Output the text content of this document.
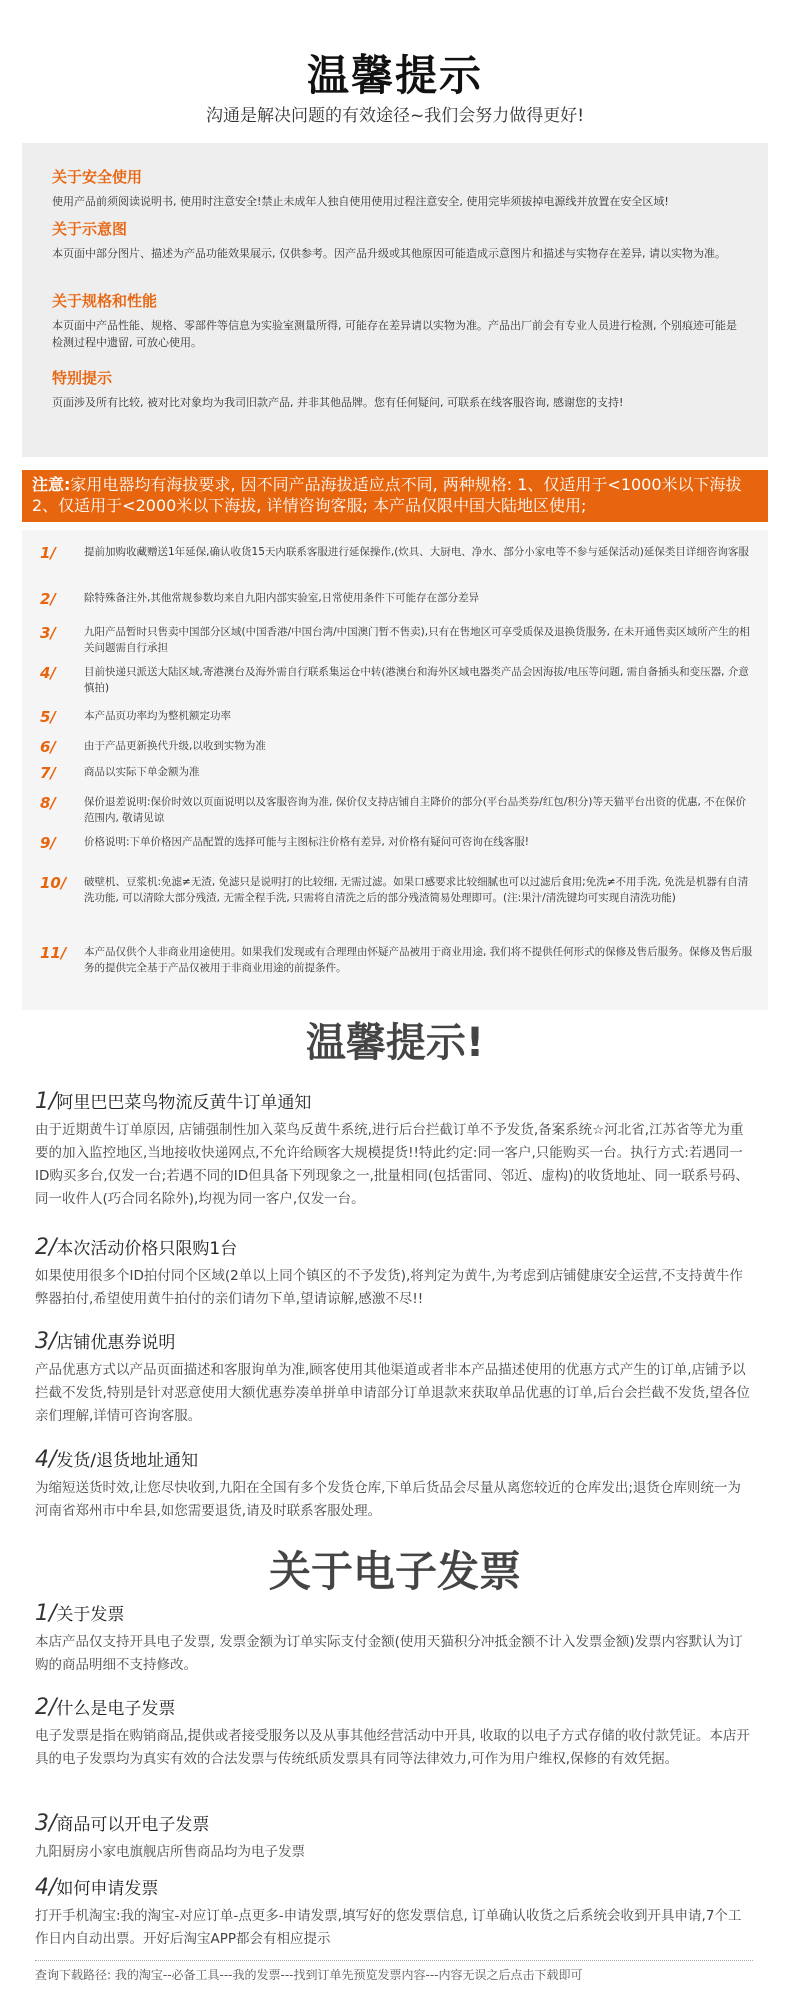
温馨提示
沟通是解决问题的有效途径~我们会努力做得更好!
关于安全使用
使用产品前须阅读说明书, 使用时注意安全!禁止未成年人独自使用使用过程注意安全, 使用完毕须拔掉电源线并放置在安全区域!
关于示意图
本页面中部分图片、描述为产品功能效果展示, 仅供参考。因产品升级或其他原因可能造成示意图片和描述与实物存在差异, 请以实物为准。
关于规格和性能
本页面中产品性能、规格、零部件等信息为实验室测量所得, 可能存在差异请以实物为准。产品出厂前会有专业人员进行检测, 个别痕迹可能是检测过程中遗留, 可放心使用。
特别提示
页面涉及所有比较, 被对比对象均为我司旧款产品, 并非其他品牌。您有任何疑问, 可联系在线客服咨询, 感谢您的支持!
注意:家用电器均有海拔要求, 因不同产品海拔适应点不同, 两种规格: 1、仅适用于<1000米以下海拔2、仅适用于<2000米以下海拔, 详情咨询客服; 本产品仅限中国大陆地区使用;
1/	提前加购收藏赠送1年延保,确认收货15天内联系客服进行延保操作,(炊具、大厨电、净水、部分小家电等不参与延保活动)延保类目详细咨询客服
2/	除特殊备注外,其他常规参数均来自九阳内部实验室,日常使用条件下可能存在部分差异
3/	九阳产品暂时只售卖中国部分区域(中国香港/中国台湾/中国澳门暂不售卖),只有在售地区可享受质保及退换货服务, 在未开通售卖区域所产生的相关问题需自行承担
4/	目前快递只派送大陆区域,寄港澳台及海外需自行联系集运仓中转(港澳台和海外区域电器类产品会因海拔/电压等问题, 需自备插头和变压器, 介意慎拍)
5/	本产品页功率均为整机额定功率
6/	由于产品更新换代升级,以收到实物为准
7/	商品以实际下单金额为准
8/	保价退差说明:保价时效以页面说明以及客服咨询为准, 保价仅支持店铺自主降价的部分(平台品类券/红包/积分)等天猫平台出资的优惠, 不在保价范围内, 敬请见谅
9/	价格说明:下单价格因产品配置的选择可能与主图标注价格有差异, 对价格有疑问可咨询在线客服!
10/	破壁机、豆浆机:免滤≠无渣, 免滤只是说明打的比较细, 无需过滤。如果口感要求比较细腻也可以过滤后食用;免洗≠不用手洗, 免洗是机器有自清洗功能, 可以清除大部分残渣, 无需全程手洗, 只需将自清洗之后的部分残渣简易处理即可。(注:果汁/清洗键均可实现自清洗功能)
11/	本产品仅供个人非商业用途使用。如果我们发现或有合理理由怀疑产品被用于商业用途, 我们将不提供任何形式的保修及售后服务。保修及售后服务的提供完全基于产品仅被用于非商业用途的前提条件。
温馨提示!
1/阿里巴巴菜鸟物流反黄牛订单通知
由于近期黄牛订单原因, 店铺强制性加入菜鸟反黄牛系统,进行后台拦截订单不予发货,备案系统☆河北省,江苏省等尤为重要的加入监控地区,当地接收快递网点,不允许给顾客大规模提货!!特此约定:同一客户,只能购买一台。执行方式:若遇同一ID购买多台,仅发一台;若遇不同的ID但具备下列现象之一,批量相同(包括雷同、邻近、虚构)的收货地址、同一联系号码、同一收件人(巧合同名除外),均视为同一客户,仅发一台。
2/本次活动价格只限购1台
如果使用很多个ID拍付同个区域(2单以上同个镇区的不予发货),将判定为黄牛,为考虑到店铺健康安全运营,不支持黄牛作弊器拍付,希望使用黄牛拍付的亲们请勿下单,望请谅解,感激不尽!!
3/店铺优惠券说明
产品优惠方式以产品页面描述和客服询单为准,顾客使用其他渠道或者非本产品描述使用的优惠方式产生的订单,店铺予以拦截不发货,特别是针对恶意使用大额优惠券凑单拼单申请部分订单退款来获取单品优惠的订单,后台会拦截不发货,望各位亲们理解,详情可咨询客服。
4/发货/退货地址通知
为缩短送货时效,让您尽快收到,九阳在全国有多个发货仓库,下单后货品会尽量从离您较近的仓库发出;退货仓库则统一为河南省郑州市中牟县,如您需要退货,请及时联系客服处理。
关于电子发票
1/关于发票
本店产品仅支持开具电子发票, 发票金额为订单实际支付金额(使用天猫积分冲抵金额不计入发票金额)发票内容默认为订购的商品明细不支持修改。
2/什么是电子发票
电子发票是指在购销商品,提供或者接受服务以及从事其他经营活动中开具, 收取的以电子方式存储的收付款凭证。本店开具的电子发票均为真实有效的合法发票与传统纸质发票具有同等法律效力,可作为用户维权,保修的有效凭据。
3/商品可以开电子发票
九阳厨房小家电旗舰店所售商品均为电子发票
4/如何申请发票
打开手机淘宝:我的淘宝-对应订单-点更多-申请发票,填写好的您发票信息, 订单确认收货之后系统会收到开具申请,7个工作日内自动出票。开好后淘宝APP都会有相应提示
查询下载路径: 我的淘宝--必备工具---我的发票---找到订单先预览发票内容---内容无误之后点击下载即可
